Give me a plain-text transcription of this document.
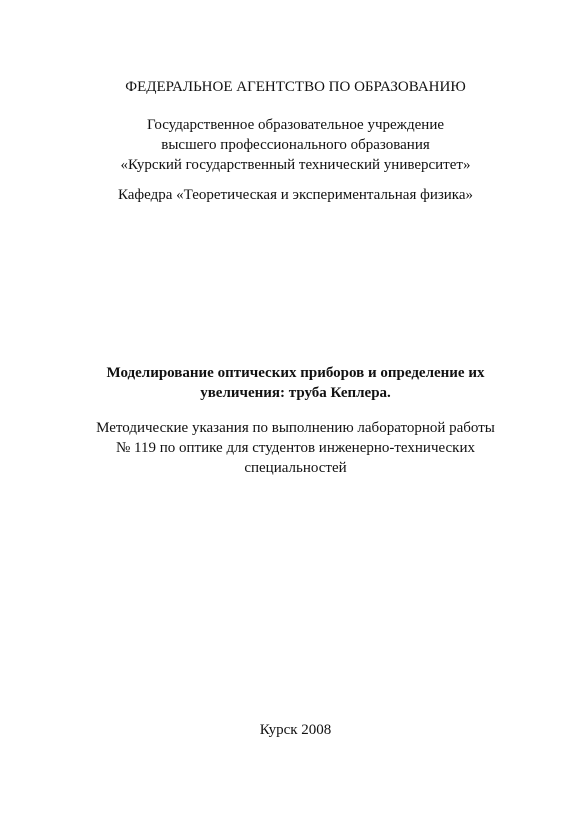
ФЕДЕРАЛЬНОЕ АГЕНТСТВО ПО ОБРАЗОВАНИЮ
Государственное образовательное учреждение
высшего профессионального образования
«Курский государственный технический университет»
Кафедра «Теоретическая и экспериментальная физика»
Моделирование оптических приборов и определение их
увеличения: труба Кеплера.
Методические указания по выполнению лабораторной работы
№ 119 по оптике для студентов инженерно-технических
специальностей
Курск 2008
